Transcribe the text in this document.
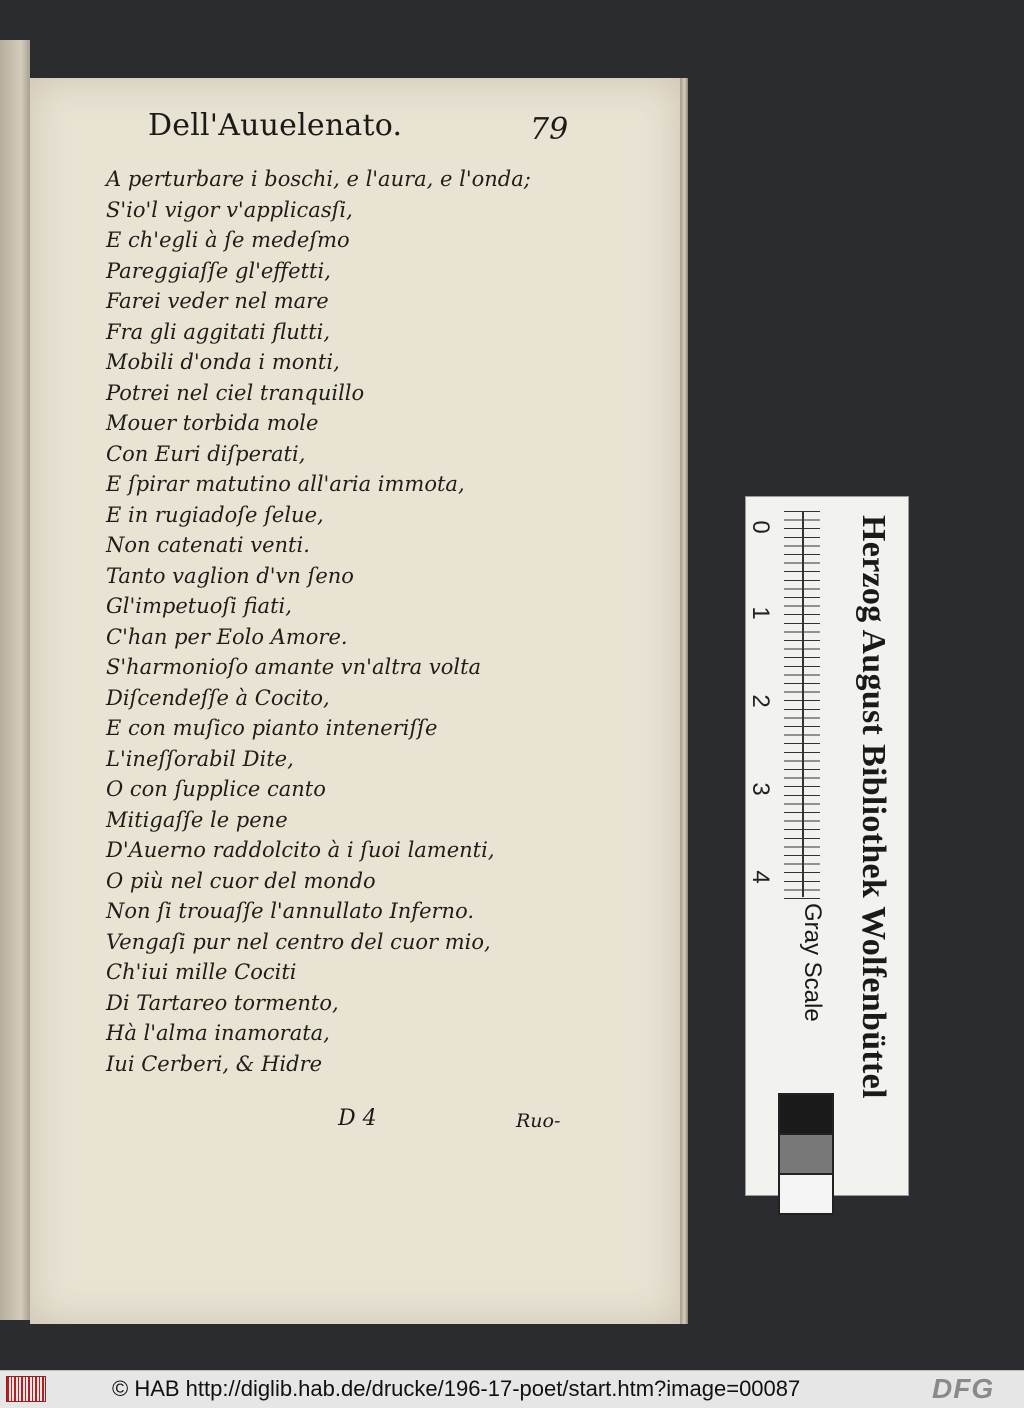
Dell'Auuelenato.	79
A perturbare i boschi, e l'aura, e l'onda;
S'io'l vigor v'applicasſi,
E ch'egli à ſe medeſmo
Pareggiaſſe gl'effetti,
Farei veder nel mare
Fra gli aggitati flutti,
Mobili d'onda i monti,
Potrei nel ciel tranquillo
Mouer torbida mole
Con Euri diſperati,
E ſpirar matutino all'aria immota,
E in rugiadoſe ſelue,
Non catenati venti.
Tanto vaglion d'vn ſeno
Gl'impetuoſi fiati,
C'han per Eolo Amore.
S'harmonioſo amante vn'altra volta
Diſcendeſſe à Cocito,
E con muſico pianto inteneriſſe
L'ineſſorabil Dite,
O con ſupplice canto
Mitigaſſe le pene
D'Auerno raddolcito à i ſuoi lamenti,
O più nel cuor del mondo
Non ſi trouaſſe l'annullato Inferno.
Vengaſi pur nel centro del cuor mio,
Ch'iui mille Cociti
Di Tartareo tormento,
Hà l'alma inamorata,
Iui Cerberi, & Hidre
D 4	Ruo-
0
1
2
3
4 Herzog August Bibliothek Wolfenbüttel
Gray Scale
© HAB http://diglib.hab.de/drucke/196-17-poet/start.htm?image=00087	DFG
